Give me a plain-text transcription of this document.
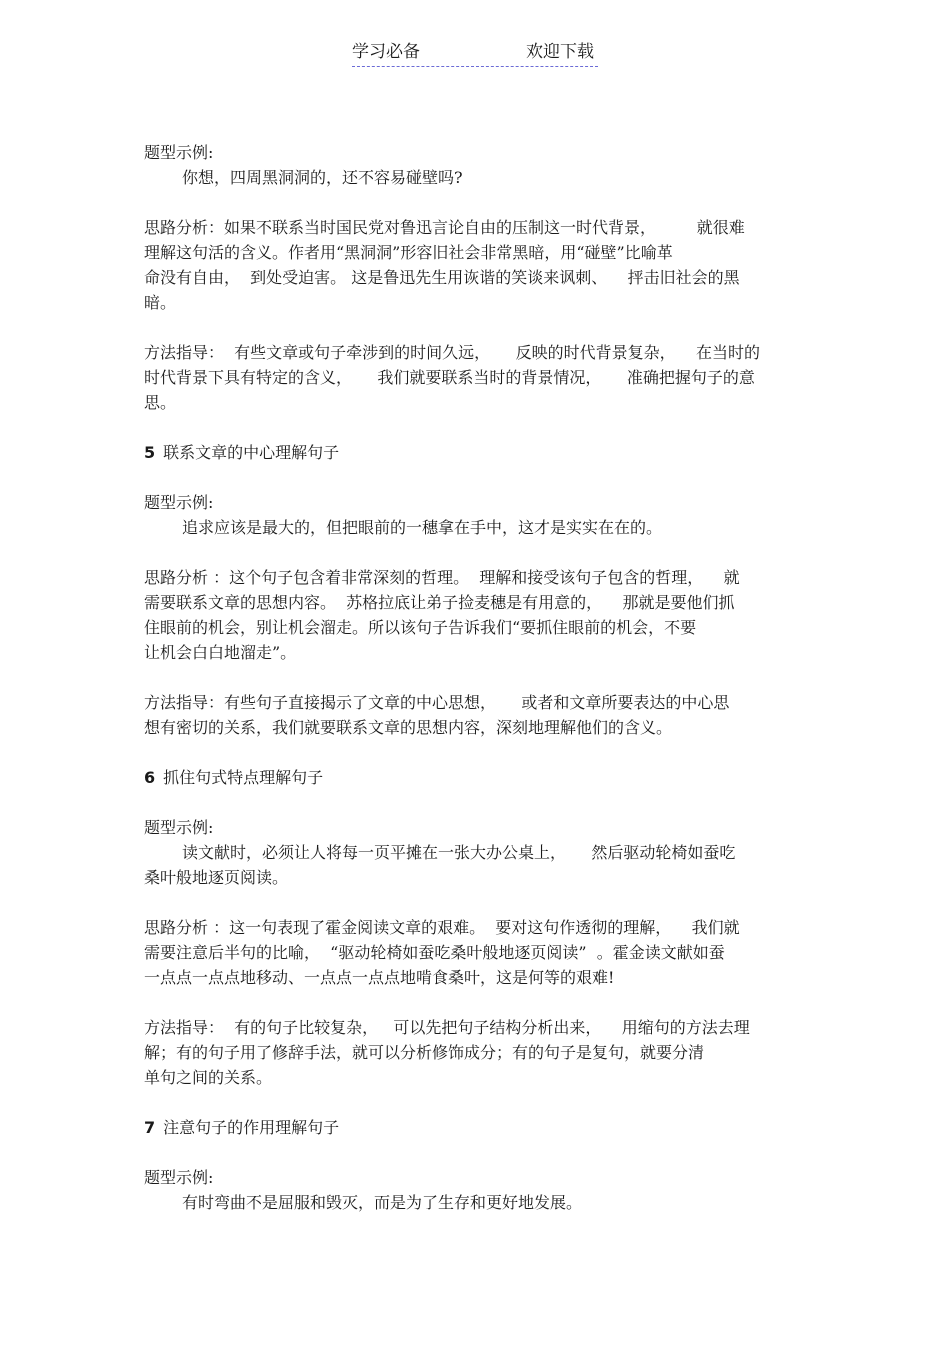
学习必备	欢迎下载

题型示例:

你想，四周黑洞洞的，还不容易碰壁吗?

思路分析：如果不联系当时国民党对鲁迅言论自由的压制这一时代背景，        就很难
理解这句活的含义。作者用“黑洞洞”形容旧社会非常黑暗，用“碰壁”比喻革
命没有自由，  到处受迫害。 这是鲁迅先生用诙谐的笑谈来讽刺、    抨击旧社会的黑
暗。

方法指导：  有些文章或句子牵涉到的时间久远，     反映的时代背景复杂，    在当时的
时代背景下具有特定的含义，     我们就要联系当时的背景情况，     准确把握句子的意
思。

5 联系文章的中心理解句子

题型示例:

追求应该是最大的，但把眼前的一穗拿在手中，这才是实实在在的。

思路分析 ：这个句子包含着非常深刻的哲理。  理解和接受该句子包含的哲理，    就
需要联系文章的思想内容。  苏格拉底让弟子捡麦穗是有用意的，    那就是要他们抓
住眼前的机会，别让机会溜走。所以该句子告诉我们“要抓住眼前的机会，不要
让机会白白地溜走”。

方法指导：有些句子直接揭示了文章的中心思想，     或者和文章所要表达的中心思
想有密切的关系，我们就要联系文章的思想内容，深刻地理解他们的含义。

6 抓住句式特点理解句子

题型示例:

读文献时，必须让人将每一页平摊在一张大办公桌上，     然后驱动轮椅如蚕吃
桑叶般地逐页阅读。

思路分析 ：这一句表现了霍金阅读文章的艰难。  要对这句作透彻的理解，    我们就
需要注意后半句的比喻，  “驱动轮椅如蚕吃桑叶般地逐页阅读”  。霍金读文献如蚕
一点点一点点地移动、一点点一点点地啃食桑叶，这是何等的艰难!

方法指导：  有的句子比较复杂，   可以先把句子结构分析出来，    用缩句的方法去理
解；有的句子用了修辞手法，就可以分析修饰成分；有的句子是复句，就要分清
单句之间的关系。

7 注意句子的作用理解句子

题型示例:

有时弯曲不是屈服和毁灭，而是为了生存和更好地发展。
